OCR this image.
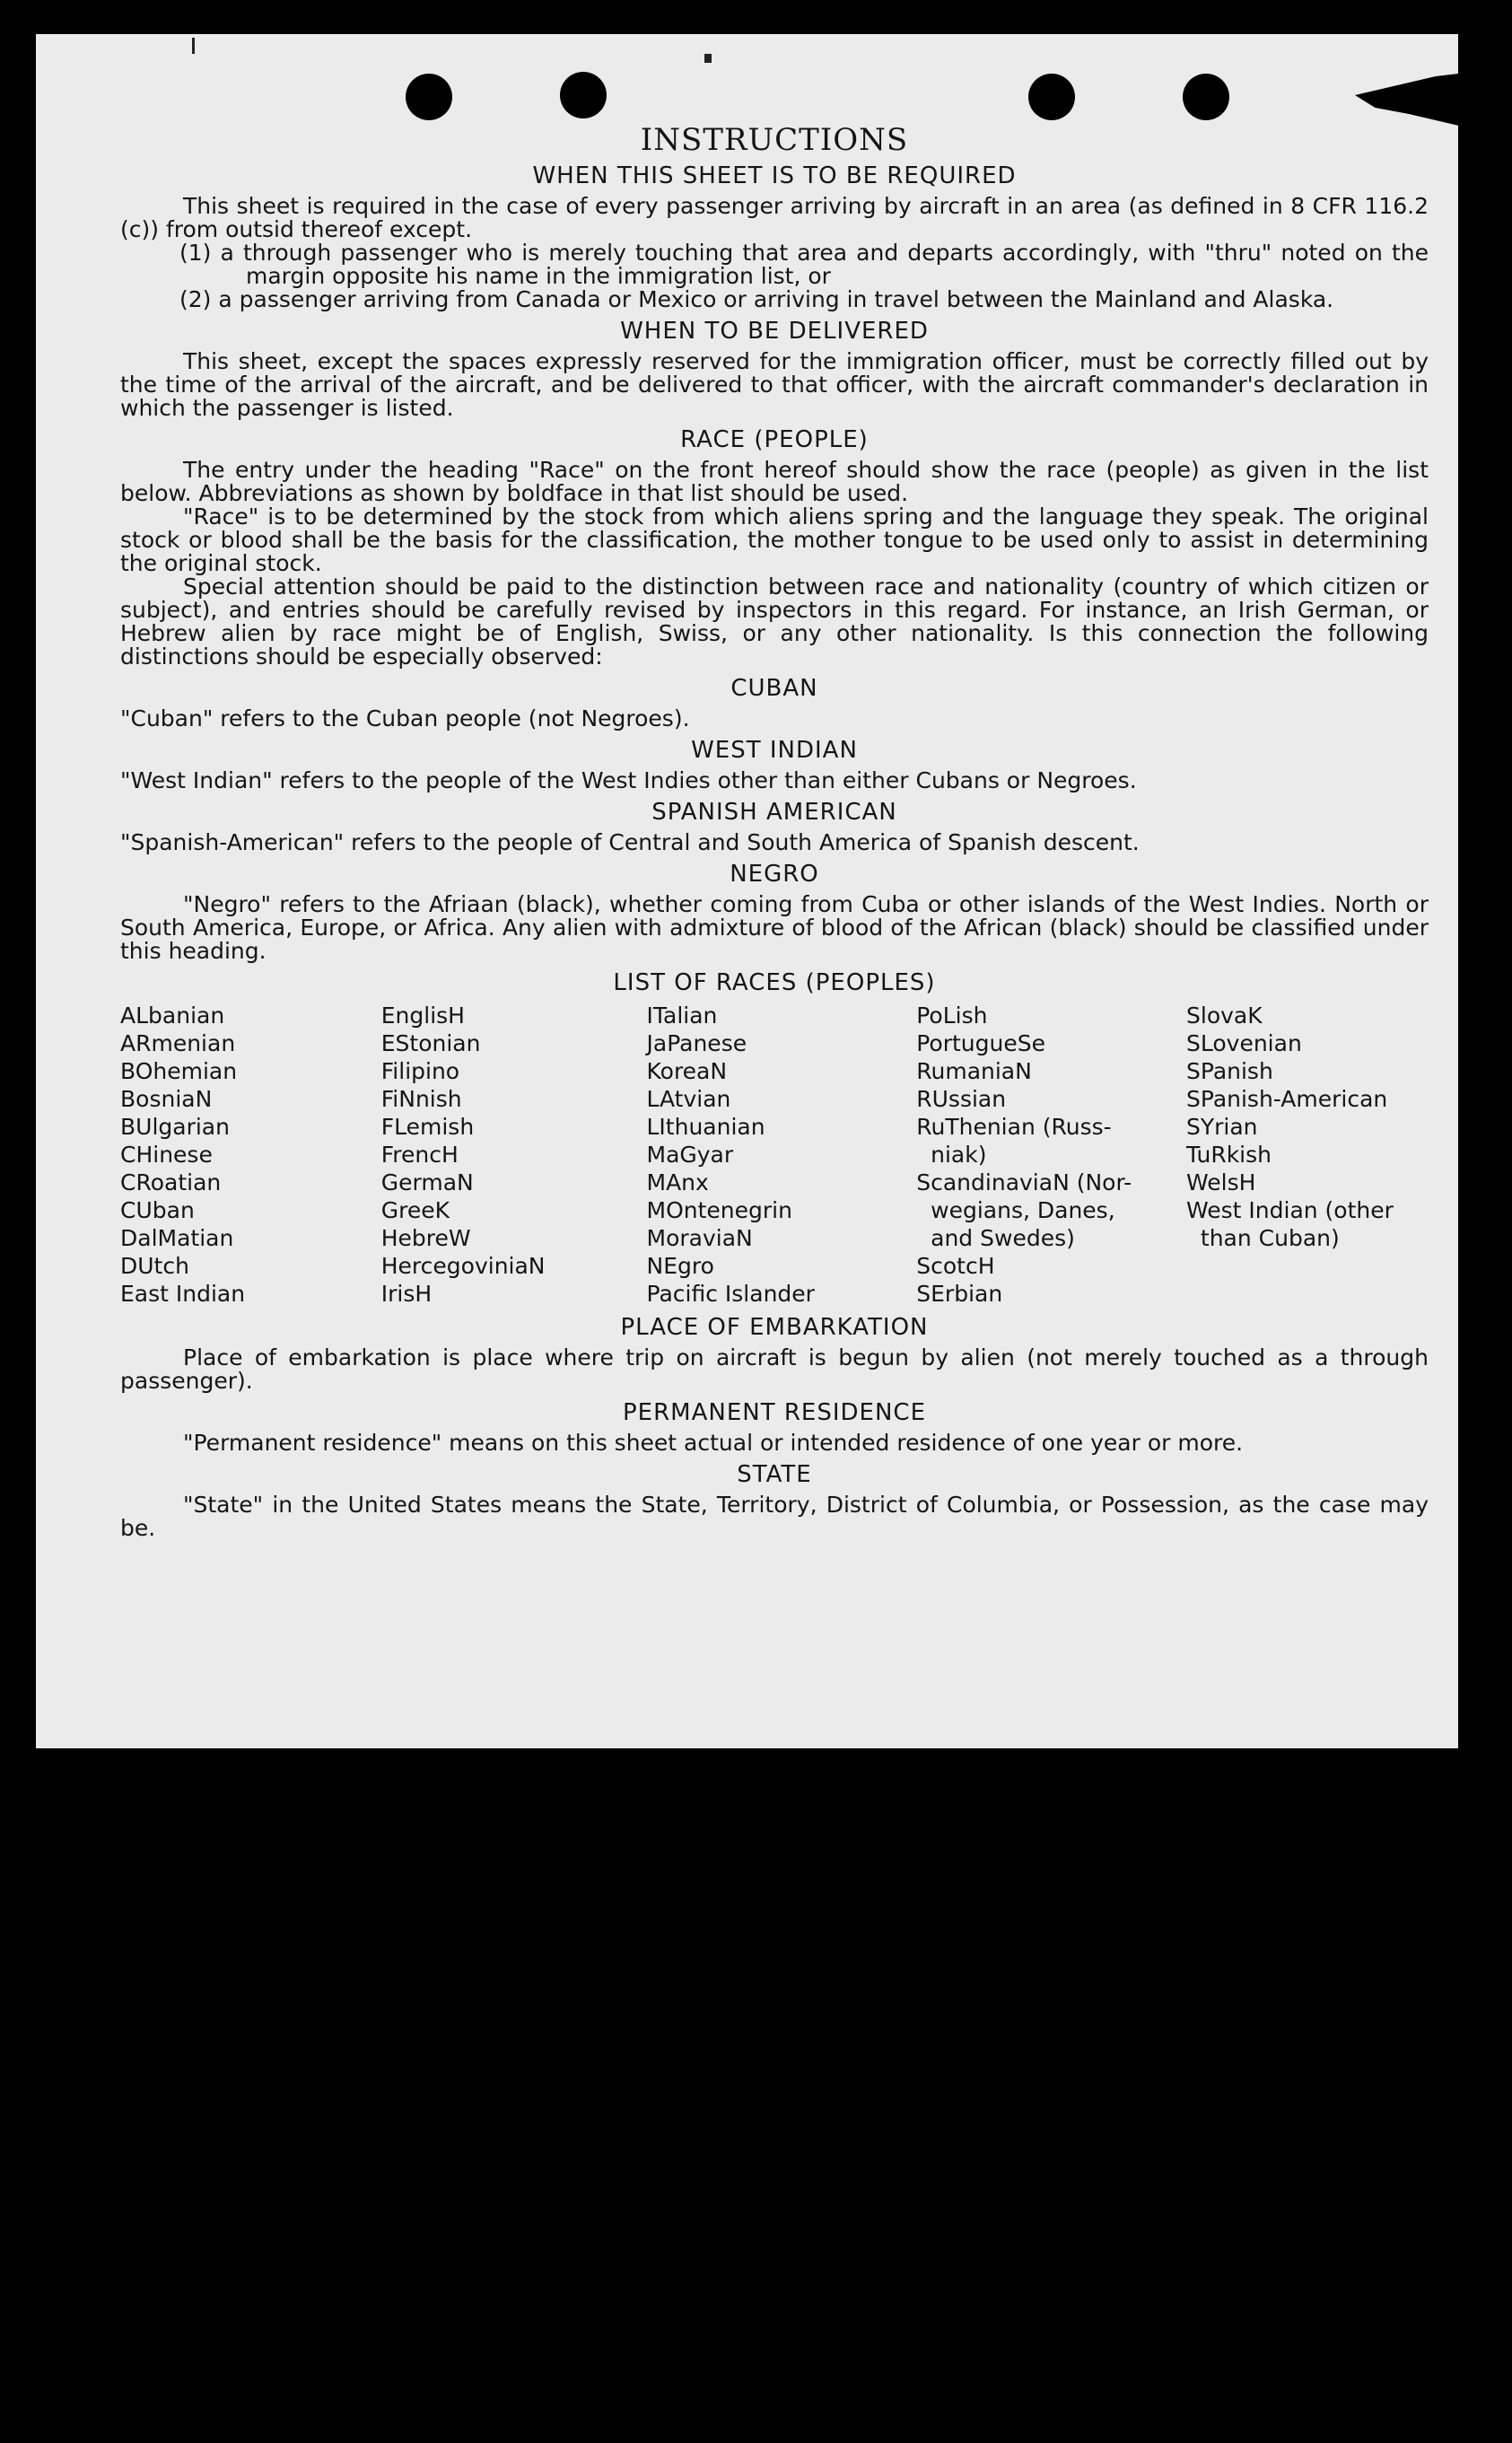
INSTRUCTIONS
WHEN THIS SHEET IS TO BE REQUIRED

This sheet is required in the case of every passenger arriving by aircraft in an area (as defined in 8 CFR 116.2 (c)) from outsid thereof except.

(1) a through passenger who is merely touching that area and departs accordingly, with "thru" noted on the margin opposite his name in the immigration list, or

(2) a passenger arriving from Canada or Mexico or arriving in travel between the Mainland and Alaska.

WHEN TO BE DELIVERED

This sheet, except the spaces expressly reserved for the immigration officer, must be correctly filled out by the time of the arrival of the aircraft, and be delivered to that officer, with the aircraft commander's declaration in which the passenger is listed.

RACE (PEOPLE)

The entry under the heading "Race" on the front hereof should show the race (people) as given in the list below. Abbreviations as shown by boldface in that list should be used.

"Race" is to be determined by the stock from which aliens spring and the language they speak. The original stock or blood shall be the basis for the classification, the mother tongue to be used only to assist in determining the original stock.

Special attention should be paid to the distinction between race and nationality (country of which citizen or subject), and entries should be carefully revised by inspectors in this regard. For instance, an Irish German, or Hebrew alien by race might be of English, Swiss, or any other nationality. Is this connection the following distinctions should be especially observed:

CUBAN

"Cuban" refers to the Cuban people (not Negroes).

WEST INDIAN

"West Indian" refers to the people of the West Indies other than either Cubans or Negroes.

SPANISH AMERICAN

"Spanish-American" refers to the people of Central and South America of Spanish descent.

NEGRO

"Negro" refers to the Afriaan (black), whether coming from Cuba or other islands of the West Indies. North or South America, Europe, or Africa. Any alien with admixture of blood of the African (black) should be classified under this heading.

LIST OF RACES (PEOPLES)
ALbanian
ARmenian
BOhemian
BosniaN
BUlgarian
CHinese
CRoatian
CUban
DalMatian
DUtch
East Indian
EnglisH
EStonian
Filipino
FiNnish
FLemish
FrencH
GermaN
GreeK
HebreW
HercegoviniaN
IrisH
ITalian
JaPanese
KoreaN
LAtvian
LIthuanian
MaGyar
MAnx
MOntenegrin
MoraviaN
NEgro
Pacific Islander
PoLish
PortugueSe
RumaniaN
RUssian
RuThenian (Russ-
niak)
ScandinaviaN (Nor-
wegians, Danes,
and Swedes)
ScotcH
SErbian
SlovaK
SLovenian
SPanish
SPanish-American
SYrian
TuRkish
WelsH
West Indian (other
than Cuban)
PLACE OF EMBARKATION

Place of embarkation is place where trip on aircraft is begun by alien (not merely touched as a through passenger).

PERMANENT RESIDENCE

"Permanent residence" means on this sheet actual or intended residence of one year or more.

STATE

"State" in the United States means the State, Territory, District of Columbia, or Possession, as the case may be.
